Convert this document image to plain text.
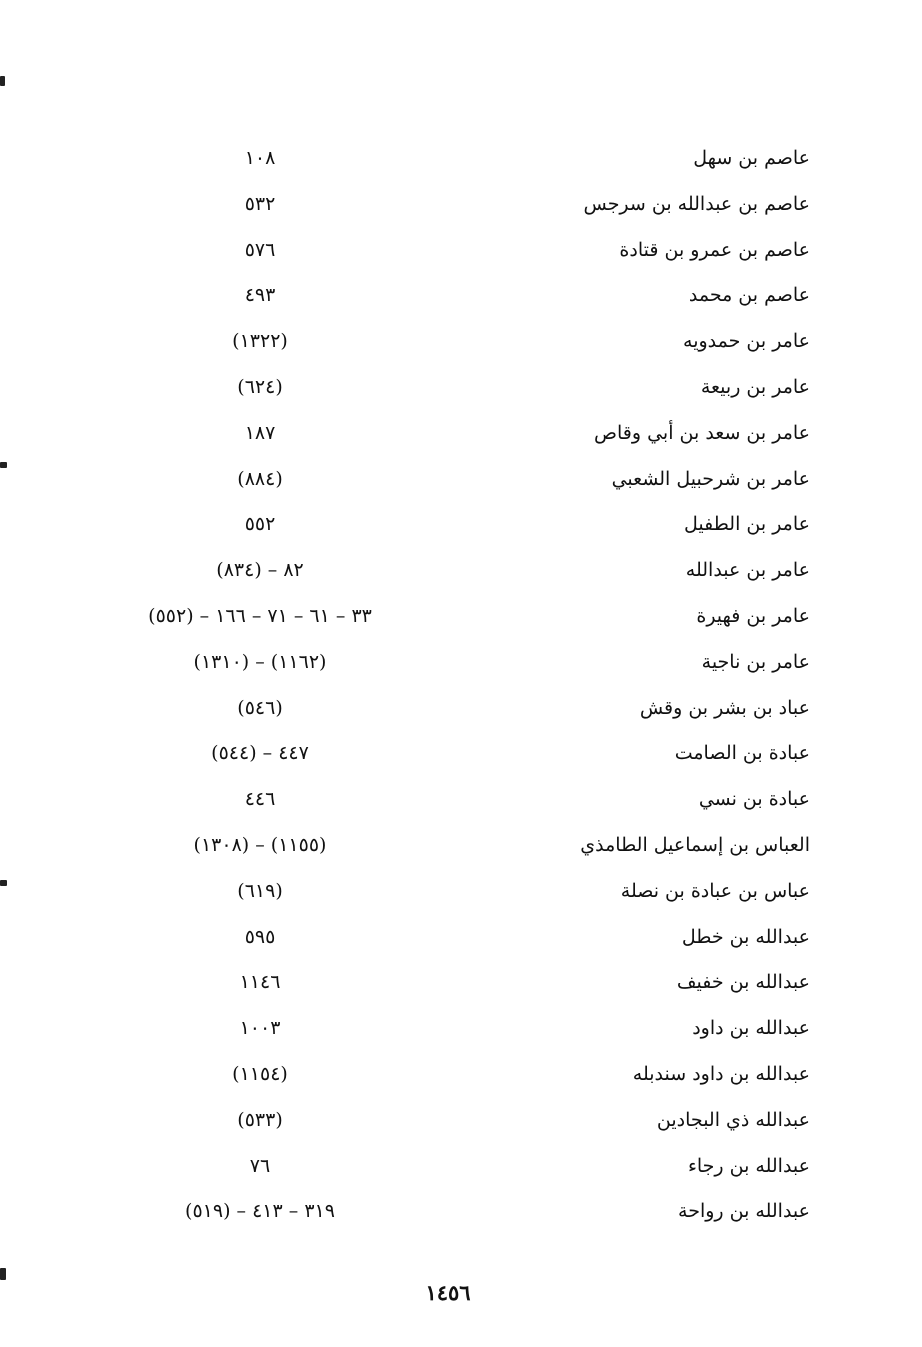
عاصم بن سهل
١٠٨
عاصم بن عبدالله بن سرجس
٥٣٢
عاصم بن عمرو بن قتادة
٥٧٦
عاصم بن محمد
٤٩٣
عامر بن حمدويه
(١٣٢٢)
عامر بن ربيعة
(٦٢٤)
عامر بن سعد بن أبي وقاص
١٨٧
عامر بن شرحبيل الشعبي
(٨٨٤)
عامر بن الطفيل
٥٥٢
عامر بن عبدالله
٨٢ – (٨٣٤)
عامر بن فهيرة
٣٣ – ٦١ – ٧١ – ١٦٦ – (٥٥٢)
عامر بن ناجية
(١١٦٢) – (١٣١٠)
عباد بن بشر بن وقش
(٥٤٦)
عبادة بن الصامت
٤٤٧ – (٥٤٤)
عبادة بن نسي
٤٤٦
العباس بن إسماعيل الطامذي
(١١٥٥) – (١٣٠٨)
عباس بن عبادة بن نصلة
(٦١٩)
عبدالله بن خطل
٥٩٥
عبدالله بن خفيف
١١٤٦
عبدالله بن داود
١٠٠٣
عبدالله بن داود سندبله
(١١٥٤)
عبدالله ذي البجادين
(٥٣٣)
عبدالله بن رجاء
٧٦
عبدالله بن رواحة
٣١٩ – ٤١٣ – (٥١٩)
١٤٥٦
